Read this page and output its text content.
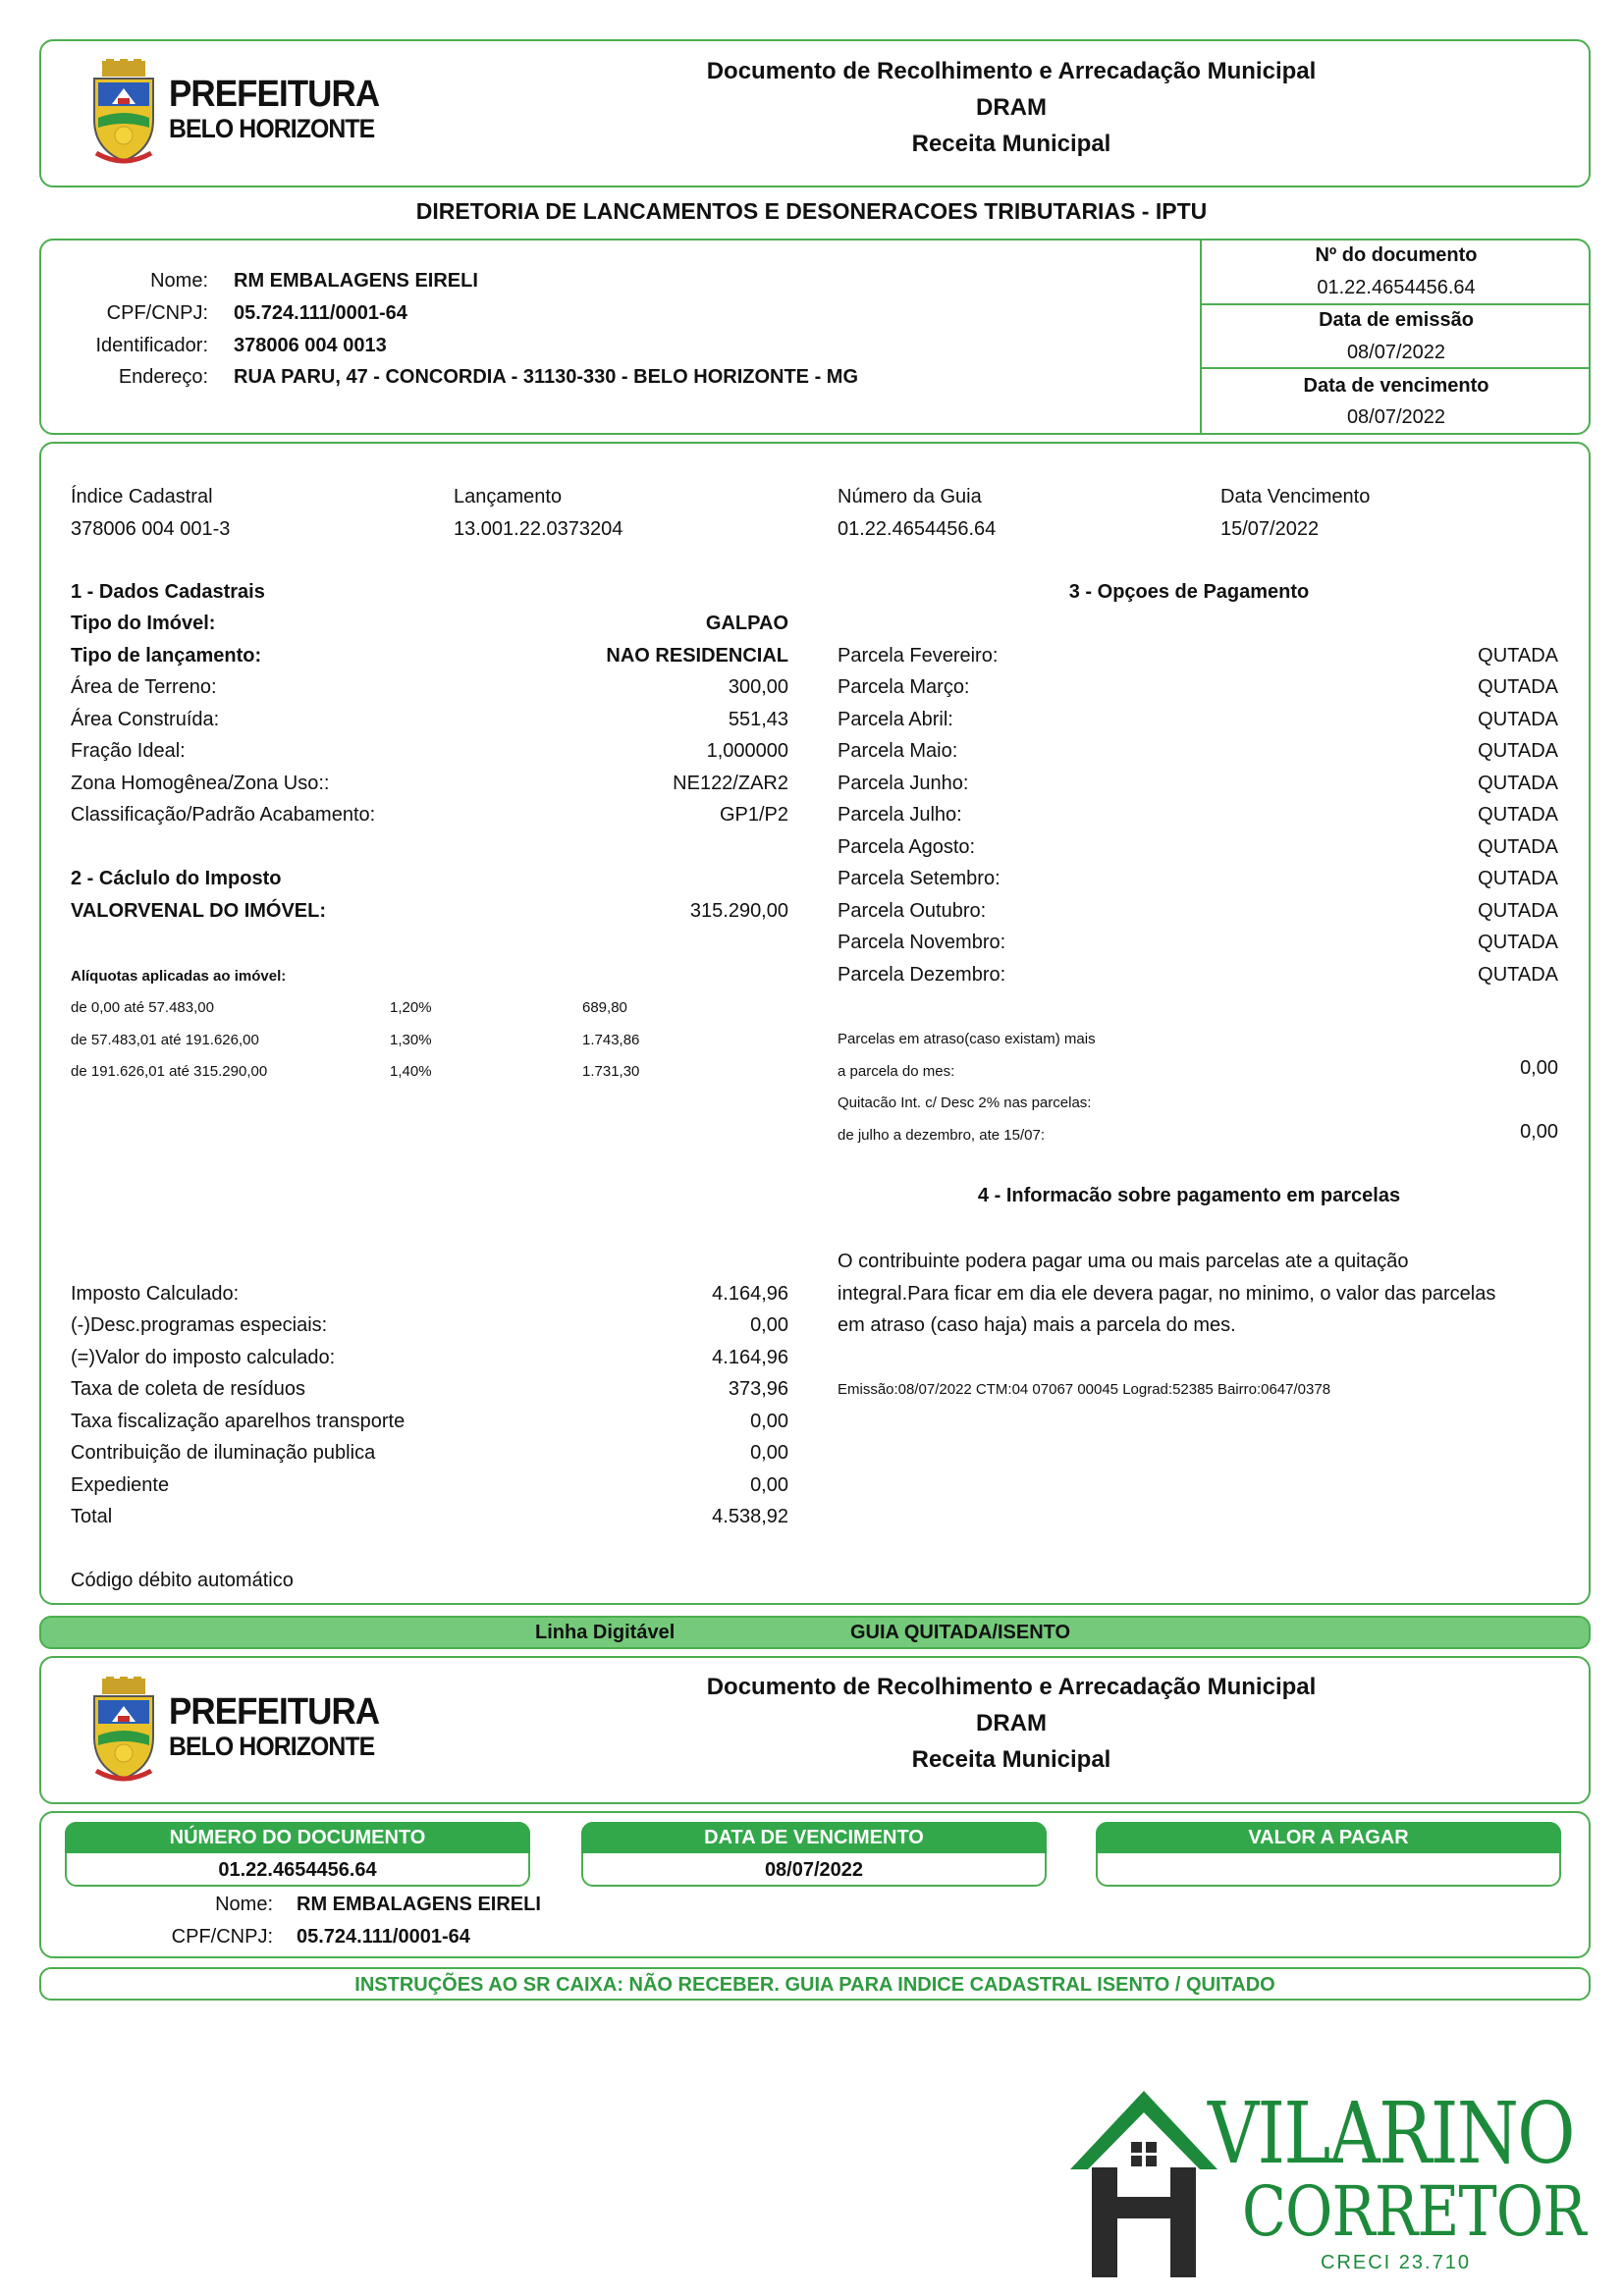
PREFEITURA
BELO HORIZONTE
Documento de Recolhimento e Arrecadação Municipal
DRAM
Receita Municipal
DIRETORIA DE LANCAMENTOS E DESONERACOES TRIBUTARIAS - IPTU
Nome: RM EMBALAGENS EIRELI
CPF/CNPJ: 05.724.111/0001-64
Identificador: 378006 004 0013
Endereço: RUA PARU, 47 - CONCORDIA - 31130-330 - BELO HORIZONTE - MG
Nº do documento
01.22.4654456.64
Data de emissão
08/07/2022
Data de vencimento
08/07/2022
Índice Cadastral
378006 004 001-3
Lançamento
13.001.22.0373204
Número da Guia
01.22.4654456.64
Data Vencimento
15/07/2022
1 - Dados Cadastrais
Tipo do Imóvel:	GALPAO
Tipo de lançamento:	NAO RESIDENCIAL
Área de Terreno:	300,00
Área Construída:	551,43
Fração Ideal:	1,000000
Zona Homogênea/Zona Uso::	NE122/ZAR2
Classificação/Padrão Acabamento:	GP1/P2
2 - Cáclulo do Imposto
VALORVENAL DO IMÓVEL:	315.290,00
Alíquotas aplicadas ao imóvel:
de 0,00 até 57.483,00	1,20%	689,80
de 57.483,01 até 191.626,00	1,30%	1.743,86
de 191.626,01 até 315.290,00	1,40%	1.731,30
Imposto Calculado:	4.164,96
(-)Desc.programas especiais:	0,00
(=)Valor do imposto calculado:	4.164,96
Taxa de coleta de resíduos	373,96
Taxa fiscalização aparelhos transporte	0,00
Contribuição de iluminação publica	0,00
Expediente	0,00
Total	4.538,92
Código débito automático
3 - Opçoes de Pagamento
Parcela Fevereiro:	QUTADA
Parcela Março:	QUTADA
Parcela Abril:	QUTADA
Parcela Maio:	QUTADA
Parcela Junho:	QUTADA
Parcela Julho:	QUTADA
Parcela Agosto:	QUTADA
Parcela Setembro:	QUTADA
Parcela Outubro:	QUTADA
Parcela Novembro:	QUTADA
Parcela Dezembro:	QUTADA
Parcelas em atraso(caso existam) mais
a parcela do mes:	0,00
Quitacão Int. c/ Desc 2% nas parcelas:
de julho a dezembro, ate 15/07:	0,00
4 - Informacão sobre pagamento em parcelas
O contribuinte podera pagar uma ou mais parcelas ate a quitação
integral.Para ficar em dia ele devera pagar, no minimo, o valor das parcelas
em atraso (caso haja) mais a parcela do mes.
Emissão:08/07/2022 CTM:04 07067 00045 Lograd:52385 Bairro:0647/0378
Linha Digitável	GUIA QUITADA/ISENTO
PREFEITURA
BELO HORIZONTE
Documento de Recolhimento e Arrecadação Municipal
DRAM
Receita Municipal
NÚMERO DO DOCUMENTO
01.22.4654456.64
DATA DE VENCIMENTO
08/07/2022
VALOR A PAGAR
Nome: RM EMBALAGENS EIRELI
CPF/CNPJ: 05.724.111/0001-64
INSTRUÇÕES AO SR CAIXA: NÃO RECEBER. GUIA PARA INDICE CADASTRAL ISENTO / QUITADO
VILARINO
CORRETOR
CRECI 23.710
